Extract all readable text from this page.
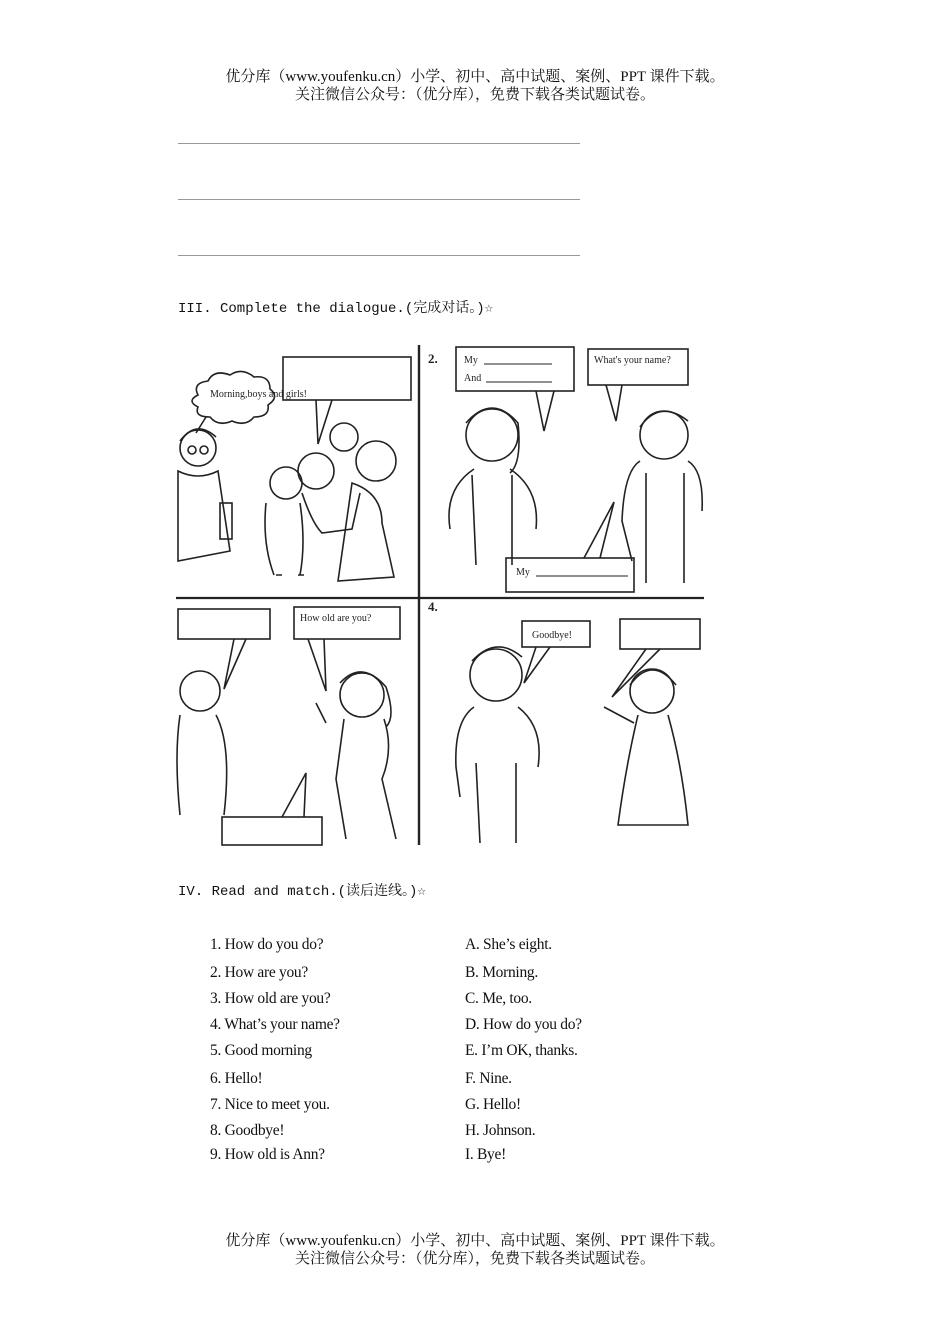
优分库（www.youfenku.cn）小学、初中、高中试题、案例、PPT 课件下载。
关注微信公众号：（优分库），免费下载各类试题试卷。
III. Complete the dialogue.(完成对话。)☆
Morning,boys and girls!
2.	My
And
What's your name?
My
How old are you?
4.
Goodbye!
IV. Read and match.(读后连线。)☆
1. How do you do?
2. How are you?
3. How old are you?
4. What’s your name?
5. Good morning
6. Hello!
7. Nice to meet you.
8. Goodbye!
9. How old is Ann?
A. She’s eight.
B. Morning.
C. Me, too.
D. How do you do?
E. I’m OK, thanks.
F. Nine.
G. Hello!
H. Johnson.
I. Bye!
优分库（www.youfenku.cn）小学、初中、高中试题、案例、PPT 课件下载。
关注微信公众号：（优分库），免费下载各类试题试卷。
